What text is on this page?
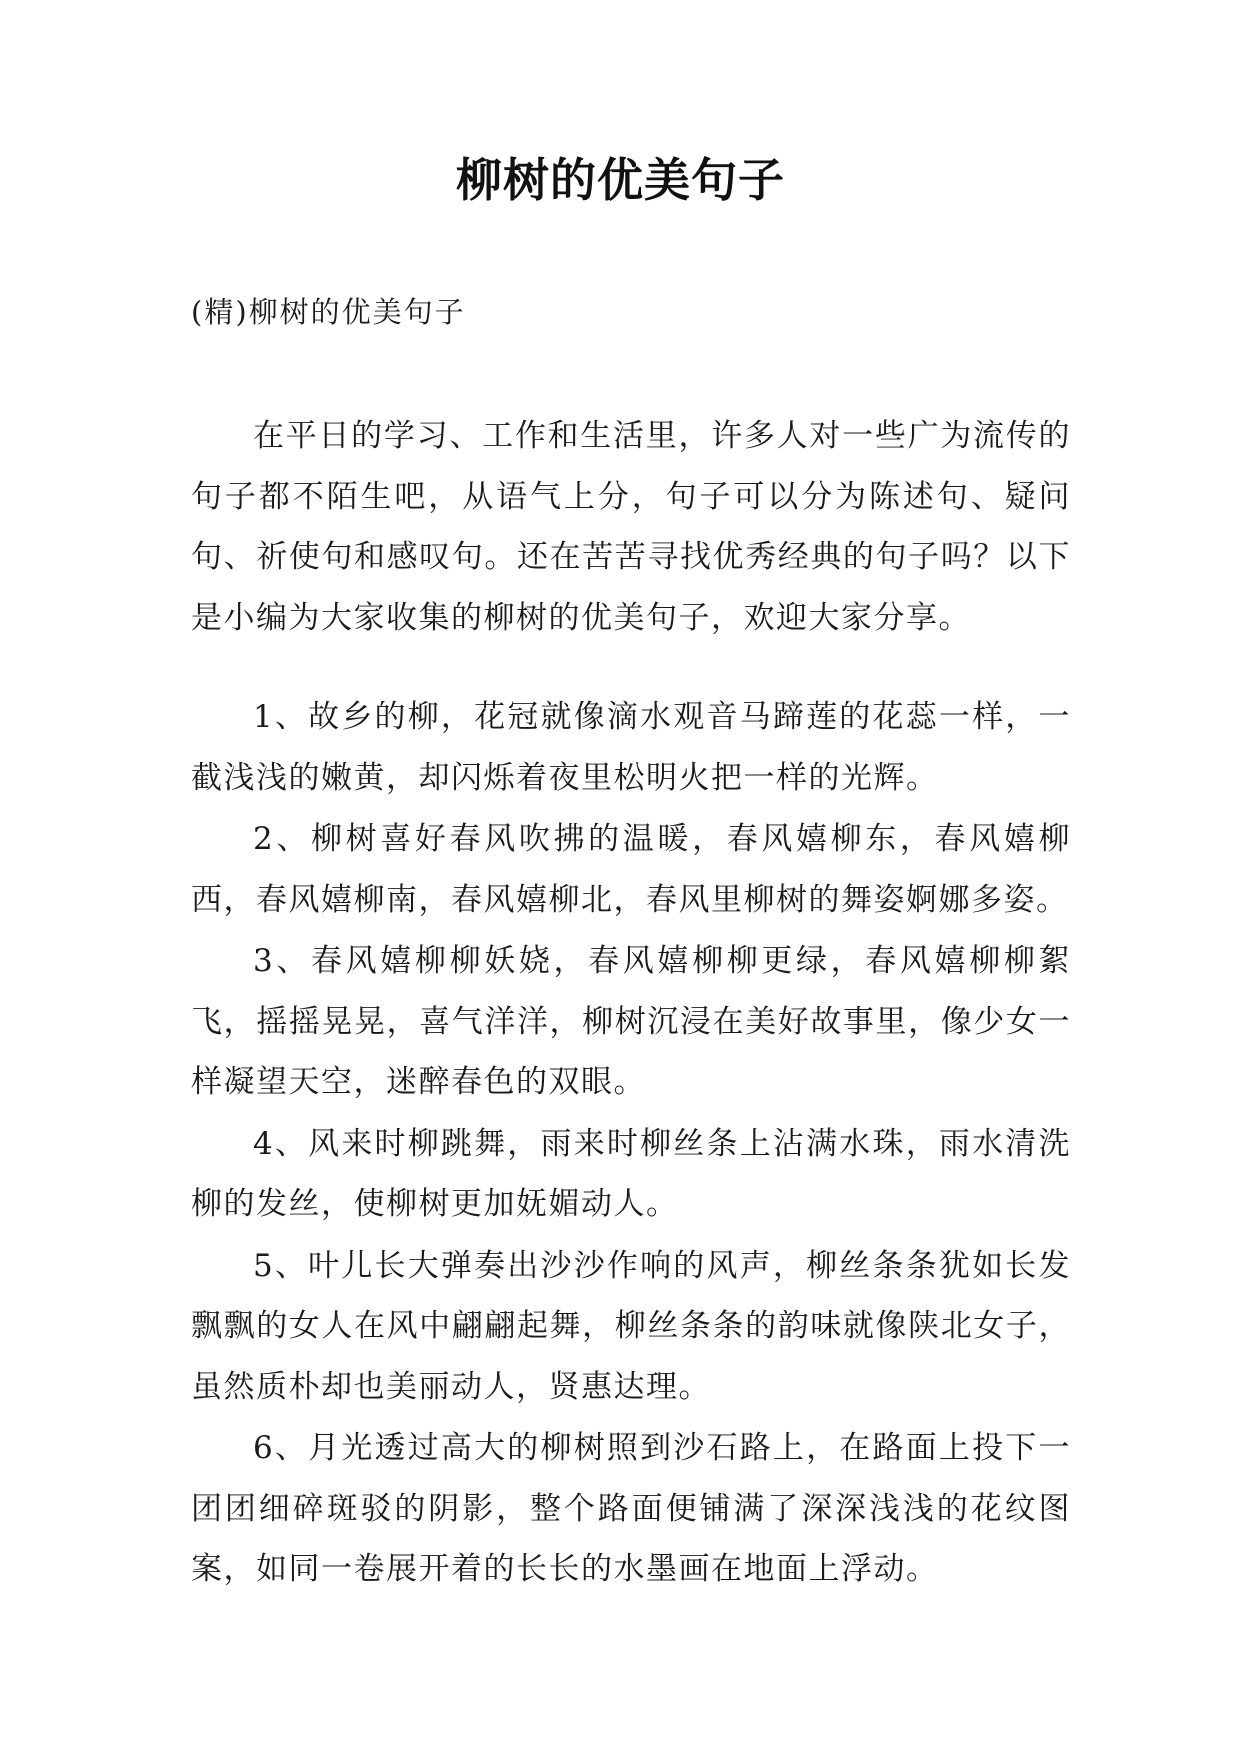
柳树的优美句子
(精)柳树的优美句子

在平日的学习、工作和生活里，许多人对一些广为流传的句子都不陌生吧，从语气上分，句子可以分为陈述句、疑问句、祈使句和感叹句。还在苦苦寻找优秀经典的句子吗？以下是小编为大家收集的柳树的优美句子，欢迎大家分享。

1、故乡的柳，花冠就像滴水观音马蹄莲的花蕊一样，一截浅浅的嫩黄，却闪烁着夜里松明火把一样的光辉。

2、柳树喜好春风吹拂的温暖，春风嬉柳东，春风嬉柳西，春风嬉柳南，春风嬉柳北，春风里柳树的舞姿婀娜多姿。

3、春风嬉柳柳妖娆，春风嬉柳柳更绿，春风嬉柳柳絮飞，摇摇晃晃，喜气洋洋，柳树沉浸在美好故事里，像少女一样凝望天空，迷醉春色的双眼。

4、风来时柳跳舞，雨来时柳丝条上沾满水珠，雨水清洗柳的发丝，使柳树更加妩媚动人。

5、叶儿长大弹奏出沙沙作响的风声，柳丝条条犹如长发飘飘的女人在风中翩翩起舞，柳丝条条的韵味就像陕北女子，虽然质朴却也美丽动人，贤惠达理。

6、月光透过高大的柳树照到沙石路上，在路面上投下一团团细碎斑驳的阴影，整个路面便铺满了深深浅浅的花纹图案，如同一卷展开着的长长的水墨画在地面上浮动。
